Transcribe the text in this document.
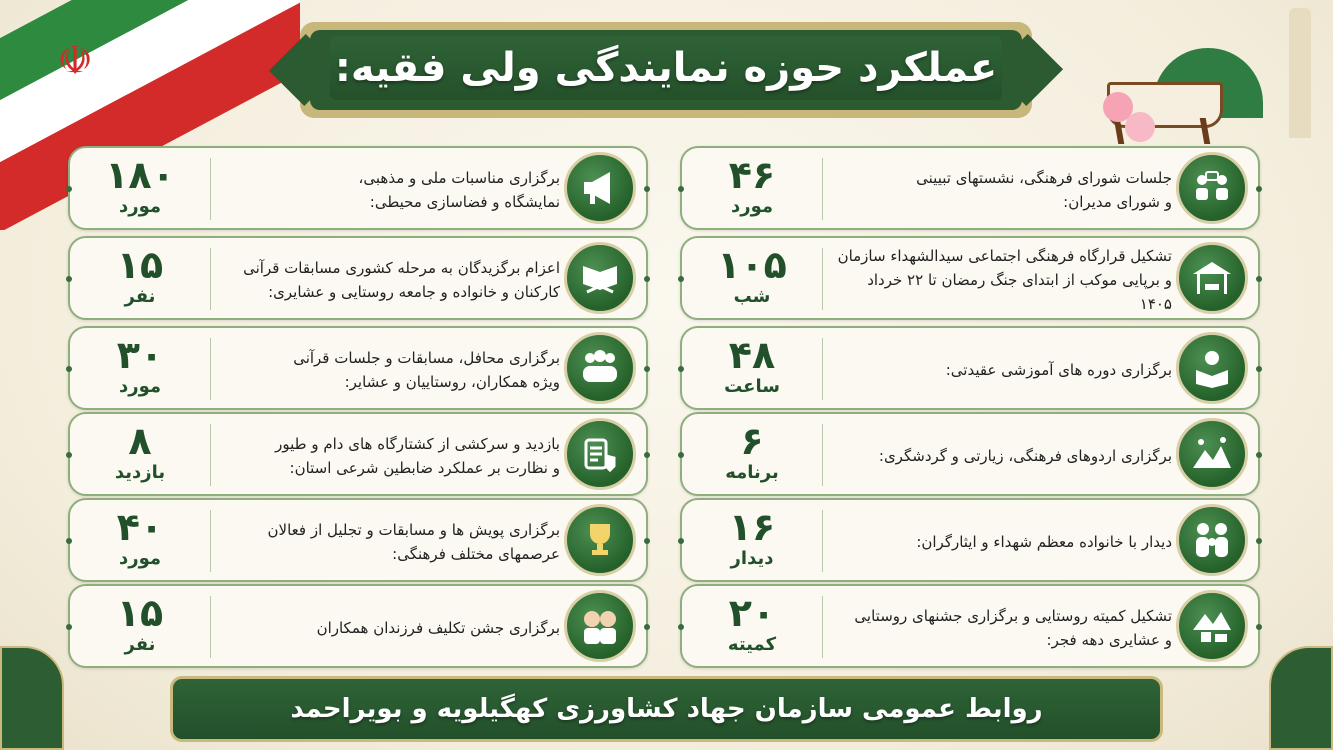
☫	عملکرد حوزه نمایندگی ولی فقیه:
۴۶
مورد
جلسات شورای فرهنگی، نشستهای تبیینی
و شورای مدیران:
۱۰۵
شب
تشکیل قرارگاه فرهنگی اجتماعی سیدالشهداء سازمان
و برپایی موکب از ابتدای جنگ رمضان تا ۲۲ خرداد ۱۴۰۵
۴۸
ساعت
برگزاری دوره های آموزشی عقیدتی:
۶
برنامه
برگزاری اردوهای فرهنگی، زیارتی و گردشگری:
۱۶
دیدار
دیدار با خانواده معظم شهداء و ایثارگران:
۲۰
کمیته
تشکیل کمیته روستایی و برگزاری جشنهای روستایی
و عشایری دهه فجر:
۱۸۰
مورد
برگزاری مناسبات ملی و مذهبی،
نمایشگاه و فضاسازی محیطی:
۱۵
نفر
اعزام برگزیدگان به مرحله کشوری مسابقات قرآنی
کارکنان و خانواده و جامعه روستایی و عشایری:
۳۰
مورد
برگزاری محافل، مسابقات و جلسات قرآنی
ویژه همکاران، روستاییان و عشایر:
۸
بازدید
بازدید و سرکشی از کشتارگاه های دام و طیور
و نظارت بر عملکرد ضابطین شرعی استان:
۴۰
مورد
برگزاری پویش ها و مسابقات و تجلیل از فعالان
عرصمهای مختلف فرهنگی:
۱۵
نفر
برگزاری جشن تکلیف فرزندان همکاران
روابط عمومی سازمان جهاد کشاورزی کهگیلویه و بویراحمد
